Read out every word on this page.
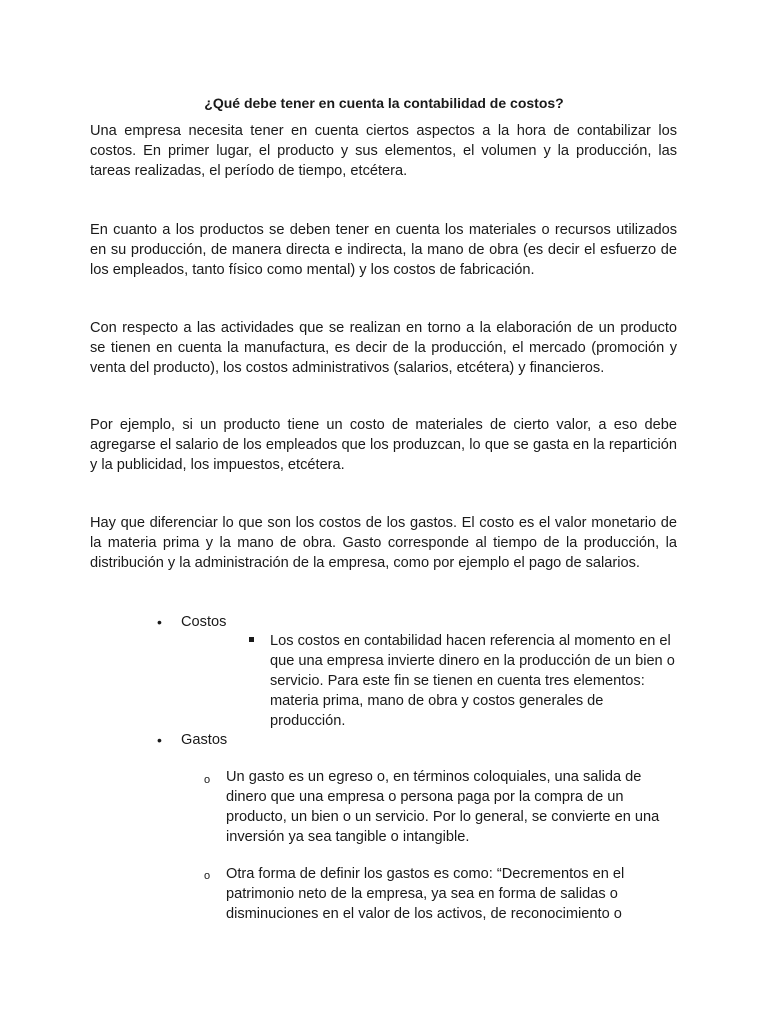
¿Qué debe tener en cuenta la contabilidad de costos?

Una empresa necesita tener en cuenta ciertos aspectos a la hora de contabilizar los costos. En primer lugar, el producto y sus elementos, el volumen y la producción, las tareas realizadas, el período de tiempo, etcétera.

En cuanto a los productos se deben tener en cuenta los materiales o recursos utilizados en su producción, de manera directa e indirecta, la mano de obra (es decir el esfuerzo de los empleados, tanto físico como mental) y los costos de fabricación.

Con respecto a las actividades que se realizan en torno a la elaboración de un producto se tienen en cuenta la manufactura, es decir de la producción, el mercado (promoción y venta del producto), los costos administrativos (salarios, etcétera) y financieros.

Por ejemplo, si un producto tiene un costo de materiales de cierto valor, a eso debe agregarse el salario de los empleados que los produzcan, lo que se gasta en la repartición y la publicidad, los impuestos, etcétera.

Hay que diferenciar lo que son los costos de los gastos. El costo es el valor monetario de la materia prima y la mano de obra. Gasto corresponde al tiempo de la producción, la distribución y la administración de la empresa, como por ejemplo el pago de salarios.

• Costos

Los costos en contabilidad hacen referencia al momento en el que una empresa invierte dinero en la producción de un bien o servicio. Para este fin se tienen en cuenta tres elementos: materia prima, mano de obra y costos generales de producción.

• Gastos
o Un gasto es un egreso o, en términos coloquiales, una salida de dinero que una empresa o persona paga por la compra de un producto, un bien o un servicio. Por lo general, se convierte en una inversión ya sea tangible o intangible.

o Otra forma de definir los gastos es como: “Decrementos en el patrimonio neto de la empresa, ya sea en forma de salidas o disminuciones en el valor de los activos, de reconocimiento o
